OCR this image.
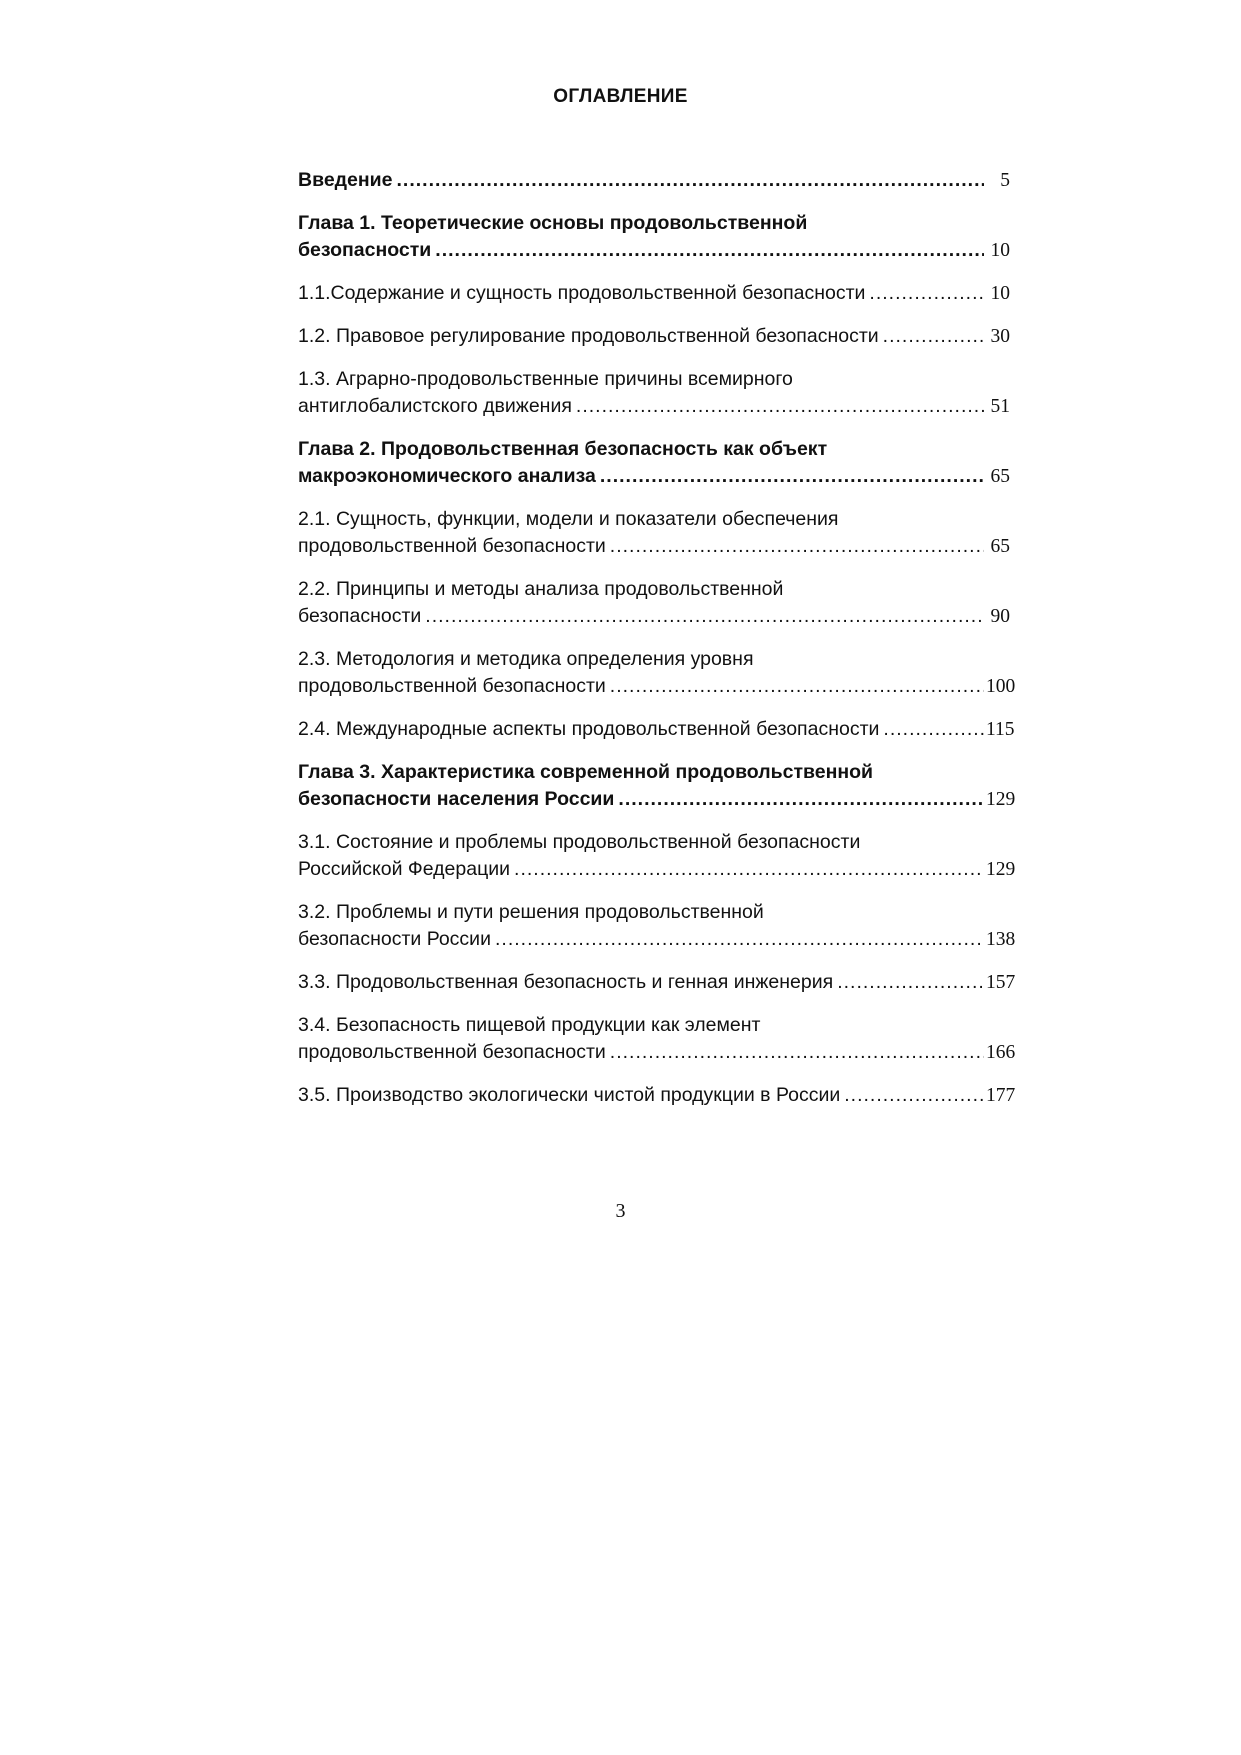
ОГЛАВЛЕНИЕ
Введение .....	5
Глава 1. Теоретические основы продовольственной
безопасности .....	10
1.1.Содержание и сущность продовольственной безопасности .....	10
1.2. Правовое регулирование продовольственной безопасности .....	30
1.3. Аграрно-продовольственные причины всемирного
антиглобалистского движения .....	51
Глава 2. Продовольственная безопасность как объект
макроэкономического анализа .....	65
2.1. Сущность, функции, модели и показатели обеспечения
продовольственной безопасности .....	65
2.2. Принципы и методы анализа продовольственной
безопасности .....	90
2.3. Методология и методика определения уровня
продовольственной безопасности .....	100
2.4. Международные аспекты продовольственной безопасности .....	115
Глава 3. Характеристика современной продовольственной
безопасности населения России .....	129
3.1. Состояние и проблемы продовольственной безопасности
Российской Федерации .....	129
3.2. Проблемы и пути решения продовольственной
безопасности России .....	138
3.3. Продовольственная безопасность и генная инженерия .....	157
3.4. Безопасность пищевой продукции как элемент
продовольственной безопасности .....	166
3.5. Производство экологически чистой продукции в России .....	177
3
